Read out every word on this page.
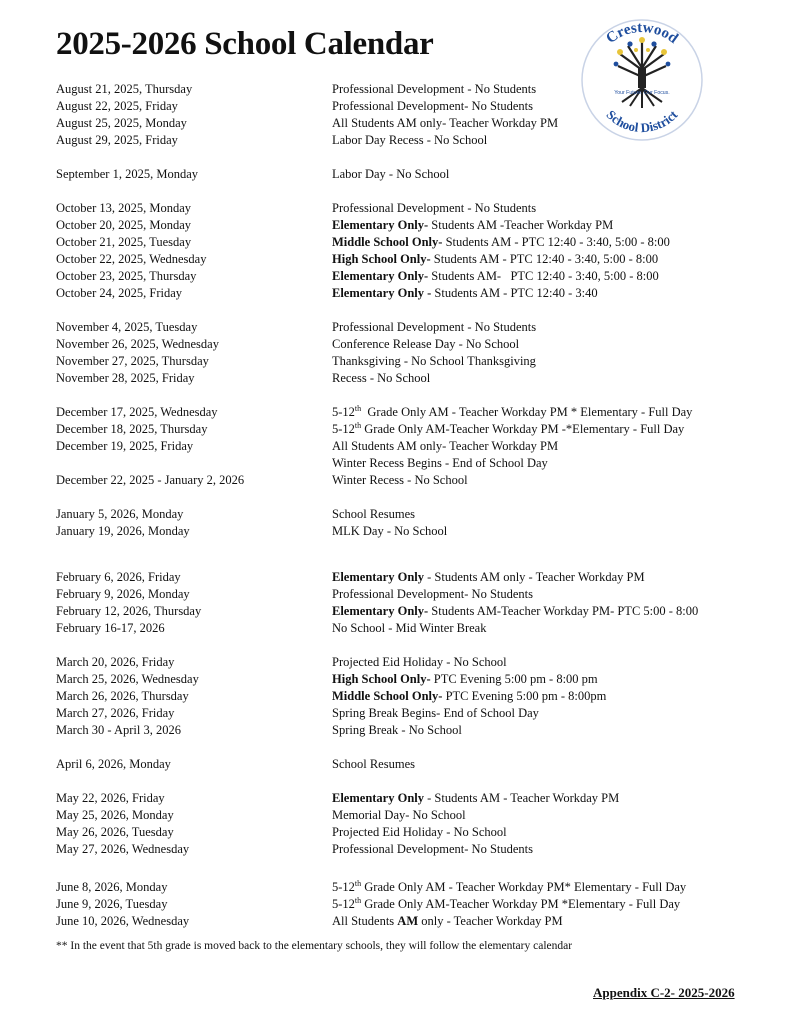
2025-2026 School Calendar	Crestwood
Your Future. Our Focus.
School District
August 21, 2025, Thursday	Professional Development - No Students
August 22, 2025, Friday	Professional Development- No Students
August 25, 2025, Monday	All Students AM only- Teacher Workday PM
August 29, 2025, Friday	Labor Day Recess - No School
September 1, 2025, Monday	Labor Day - No School
October 13, 2025, Monday	Professional Development - No Students
October 20, 2025, Monday	Elementary Only- Students AM -Teacher Workday PM
October 21, 2025, Tuesday	Middle School Only- Students AM - PTC 12:40 - 3:40, 5:00 - 8:00
October 22, 2025, Wednesday	High School Only- Students AM - PTC 12:40 - 3:40, 5:00 - 8:00
October 23, 2025, Thursday	Elementary Only- Students AM-   PTC 12:40 - 3:40, 5:00 - 8:00
October 24, 2025, Friday	Elementary Only - Students AM - PTC 12:40 - 3:40
November 4, 2025, Tuesday	Professional Development - No Students
November 26, 2025, Wednesday	Conference Release Day - No School
November 27, 2025, Thursday	Thanksgiving - No School Thanksgiving
November 28, 2025, Friday	Recess - No School
December 17, 2025, Wednesday	5-12th  Grade Only AM - Teacher Workday PM * Elementary - Full Day
December 18, 2025, Thursday	5-12th Grade Only AM-Teacher Workday PM -*Elementary - Full Day
December 19, 2025, Friday	All Students AM only- Teacher Workday PM
Winter Recess Begins - End of School Day
December 22, 2025 - January 2, 2026	Winter Recess - No School
January 5, 2026, Monday	School Resumes
January 19, 2026, Monday	MLK Day - No School
February 6, 2026, Friday	Elementary Only - Students AM only - Teacher Workday PM
February 9, 2026, Monday	Professional Development- No Students
February 12, 2026, Thursday	Elementary Only- Students AM-Teacher Workday PM- PTC 5:00 - 8:00
February 16-17, 2026	No School - Mid Winter Break
March 20, 2026, Friday	Projected Eid Holiday - No School
March 25, 2026, Wednesday	High School Only- PTC Evening 5:00 pm - 8:00 pm
March 26, 2026, Thursday	Middle School Only- PTC Evening 5:00 pm - 8:00pm
March 27, 2026, Friday	Spring Break Begins- End of School Day
March 30 - April 3, 2026	Spring Break - No School
April 6, 2026, Monday	School Resumes
May 22, 2026, Friday	Elementary Only - Students AM - Teacher Workday PM
May 25, 2026, Monday	Memorial Day- No School
May 26, 2026, Tuesday	Projected Eid Holiday - No School
May 27, 2026, Wednesday	Professional Development- No Students
June 8, 2026, Monday	5-12th Grade Only AM - Teacher Workday PM* Elementary - Full Day
June 9, 2026, Tuesday	5-12th Grade Only AM-Teacher Workday PM *Elementary - Full Day
June 10, 2026, Wednesday	All Students AM only - Teacher Workday PM
** In the event that 5th grade is moved back to the elementary schools, they will follow the elementary calendar
Appendix C-2- 2025-2026
